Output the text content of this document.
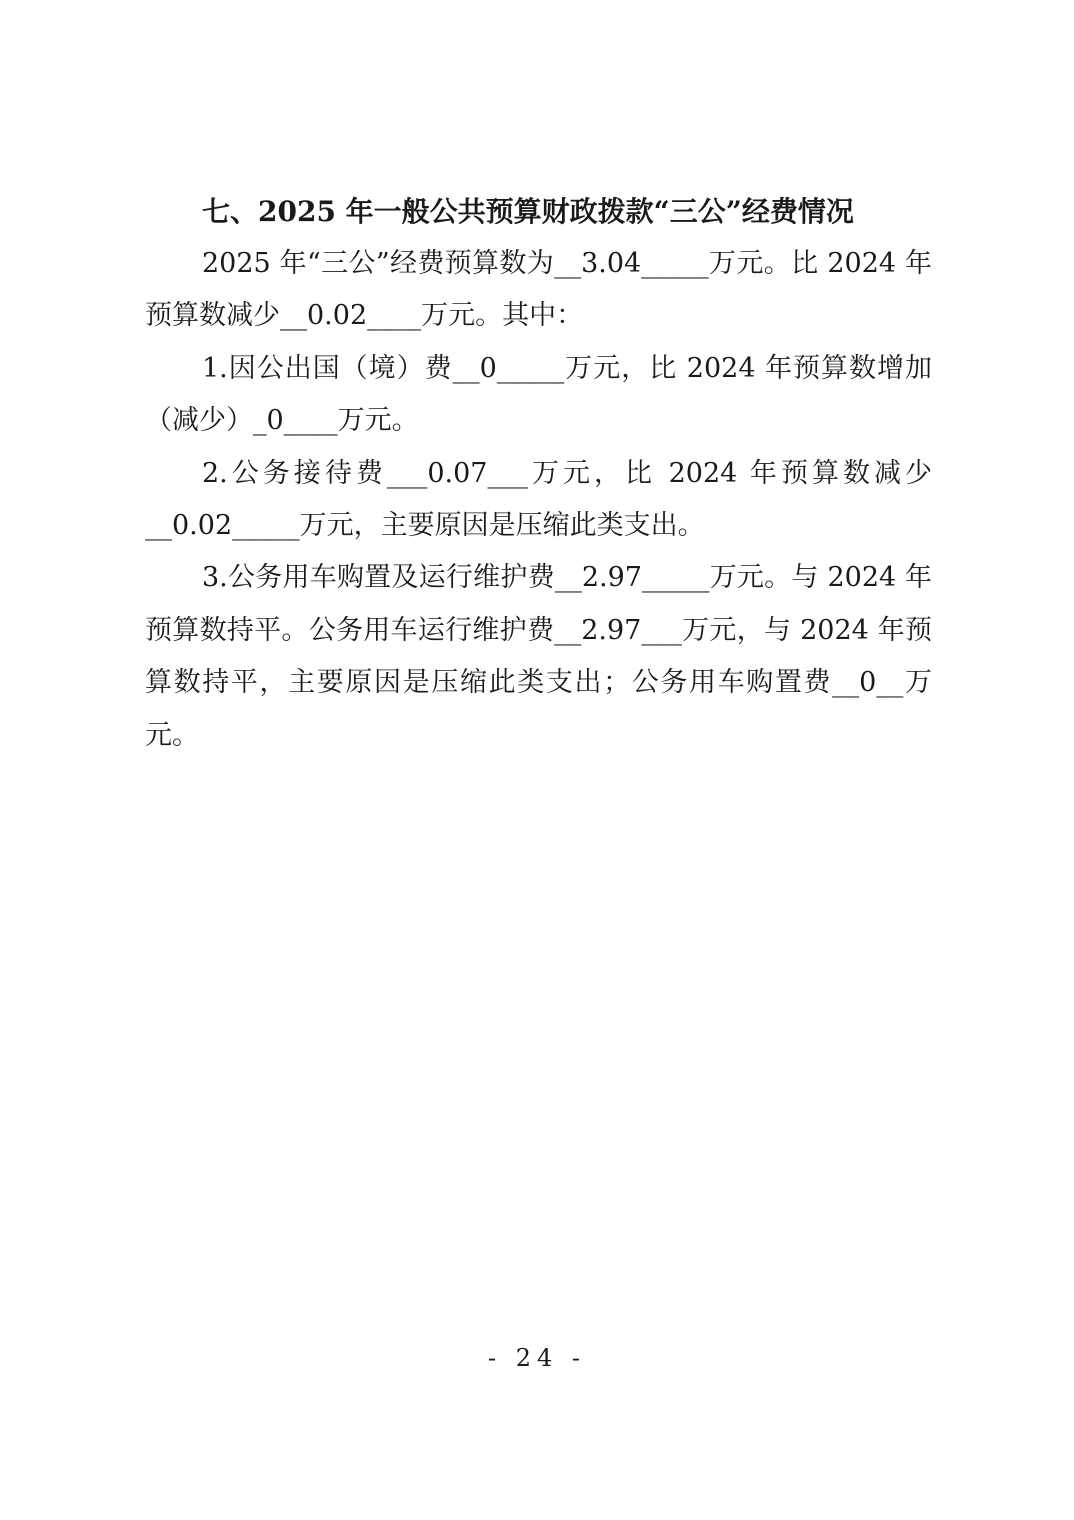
七、2025 年一般公共预算财政拨款“三公”经费情况

2025 年“三公”经费预算数为__3.04_____万元。比 2024 年预算数减少__0.02____万元。其中：

1.因公出国（境）费__0_____万元，比 2024 年预算数增加（减少）_0____万元。

2.公务接待费___0.07___万元，比 2024 年预算数减少__0.02_____万元，主要原因是压缩此类支出。

3.公务用车购置及运行维护费__2.97_____万元。与 2024 年预算数持平。公务用车运行维护费__2.97___万元，与 2024 年预算数持平，主要原因是压缩此类支出；公务用车购置费__0__万元。

- 24 -
